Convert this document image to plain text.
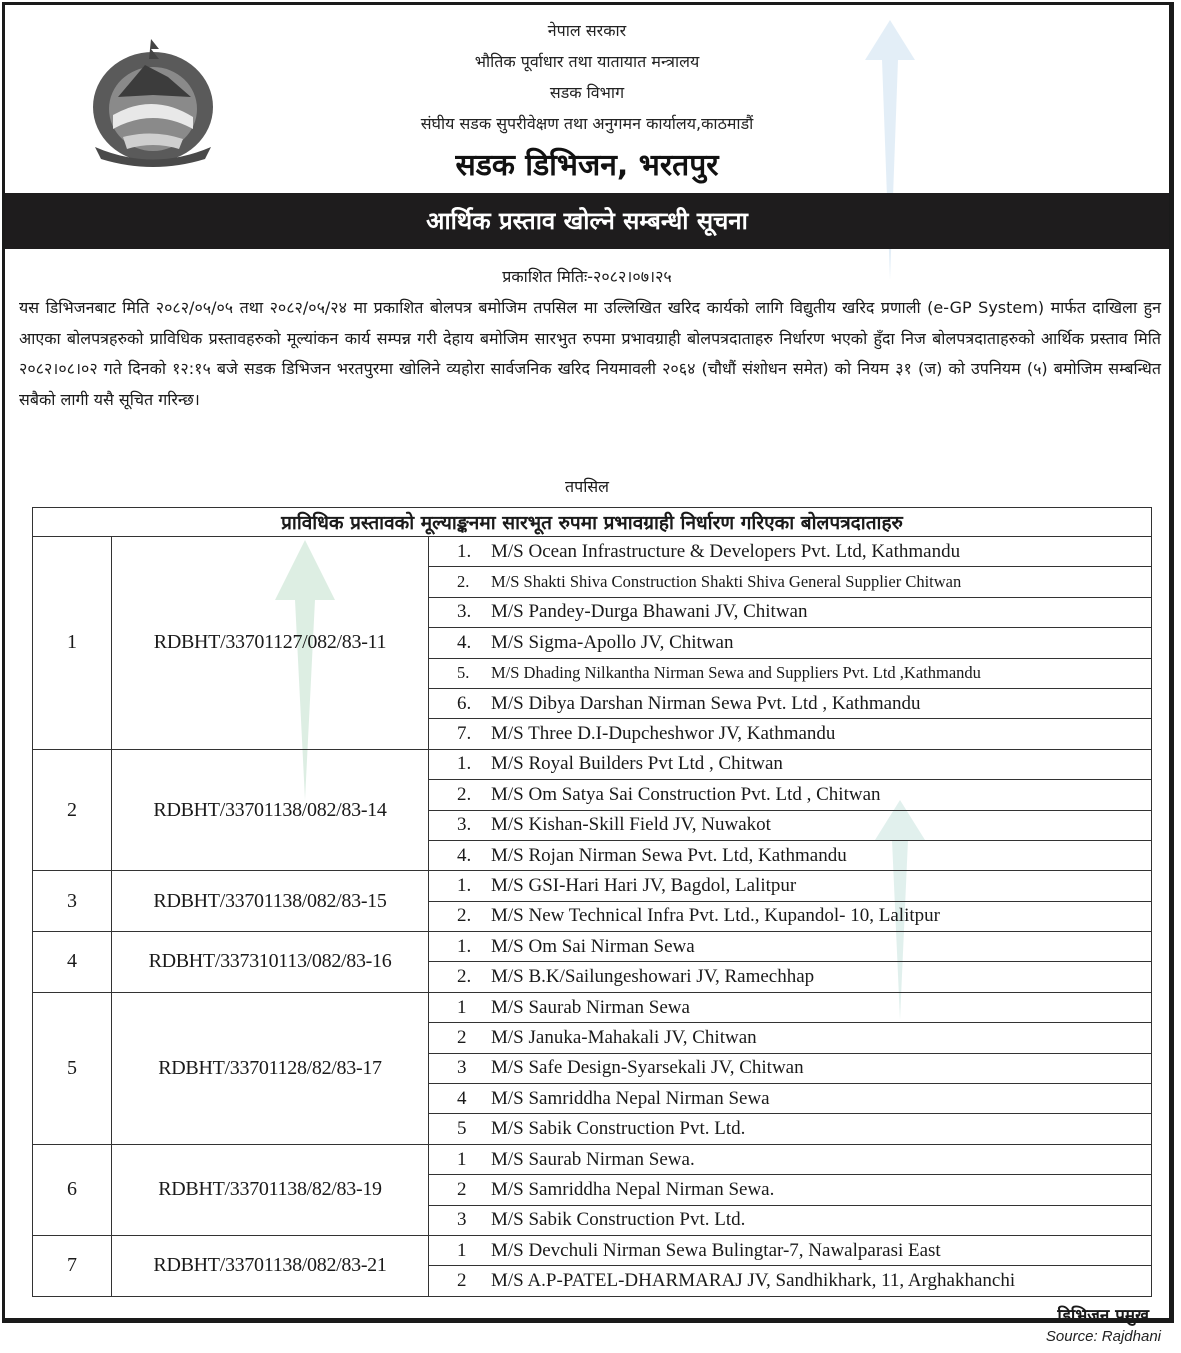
नेपाल सरकार
भौतिक पूर्वाधार तथा यातायात मन्त्रालय
सडक विभाग
संघीय सडक सुपरीवेक्षण तथा अनुगमन कार्यालय,काठमाडौं
सडक डिभिजन, भरतपुर
आर्थिक प्रस्ताव खोल्ने सम्बन्धी सूचना
प्रकाशित मितिः-२०८२।०७।२५
यस डिभिजनबाट मिति २०८२/०५/०५ तथा २०८२/०५/२४ मा प्रकाशित बोलपत्र बमोजिम तपसिल मा उल्लिखित खरिद कार्यको लागि विद्युतीय खरिद प्रणाली (e-GP System) मार्फत दाखिला हुन आएका बोलपत्रहरुको प्राविधिक प्रस्तावहरुको मूल्यांकन कार्य सम्पन्न गरी देहाय बमोजिम सारभुत रुपमा प्रभावग्राही बोलपत्रदाताहरु निर्धारण भएको हुँदा निज बोलपत्रदाताहरुको आर्थिक प्रस्ताव मिति २०८२।०८।०२ गते दिनको १२:१५ बजे सडक डिभिजन भरतपुरमा खोलिने व्यहोरा सार्वजनिक खरिद नियमावली २०६४ (चौधौं संशोधन समेत) को नियम ३१ (ज) को उपनियम (५) बमोजिम सम्बन्धित सबैको लागी यसै सूचित गरिन्छ।
तपसिल
प्राविधिक प्रस्तावको मूल्याङ्कनमा सारभूत रुपमा प्रभावग्राही निर्धारण गरिएका बोलपत्रदाताहरु		
1	RDBHT/33701127/082/83-11	1. M/S Ocean Infrastructure & Developers Pvt. Ltd, Kathmandu
		2. M/S Shakti Shiva Construction Shakti Shiva General Supplier Chitwan
		3. M/S Pandey-Durga Bhawani JV, Chitwan
		4. M/S Sigma-Apollo JV, Chitwan
		5. M/S Dhading Nilkantha Nirman Sewa and Suppliers Pvt. Ltd ,Kathmandu
		6. M/S Dibya Darshan Nirman Sewa Pvt. Ltd , Kathmandu
		7. M/S Three D.I-Dupcheshwor JV, Kathmandu
2	RDBHT/33701138/082/83-14	1. M/S Royal Builders Pvt Ltd , Chitwan
		2. M/S Om Satya Sai Construction Pvt. Ltd , Chitwan
		3. M/S Kishan-Skill Field JV, Nuwakot
		4. M/S Rojan Nirman Sewa Pvt. Ltd, Kathmandu
3	RDBHT/33701138/082/83-15	1. M/S GSI-Hari Hari JV, Bagdol, Lalitpur
		2. M/S New Technical Infra Pvt. Ltd., Kupandol- 10, Lalitpur
4	RDBHT/337310113/082/83-16	1. M/S Om Sai Nirman Sewa
		2. M/S B.K/Sailungeshowari JV, Ramechhap
5	RDBHT/33701128/82/83-17	1 M/S Saurab Nirman Sewa
		2 M/S Januka-Mahakali JV, Chitwan
		3 M/S Safe Design-Syarsekali JV, Chitwan
		4 M/S Samriddha Nepal Nirman Sewa
		5 M/S Sabik Construction Pvt. Ltd.
6	RDBHT/33701138/82/83-19	1 M/S Saurab Nirman Sewa.
		2 M/S Samriddha Nepal Nirman Sewa.
		3 M/S Sabik Construction Pvt. Ltd.
7	RDBHT/33701138/082/83-21	1 M/S Devchuli Nirman Sewa Bulingtar-7, Nawalparasi East
		2 M/S A.P-PATEL-DHARMARAJ JV, Sandhikhark, 11, Arghakhanchi
डिभिजन प्रमुख
Source: Rajdhani
